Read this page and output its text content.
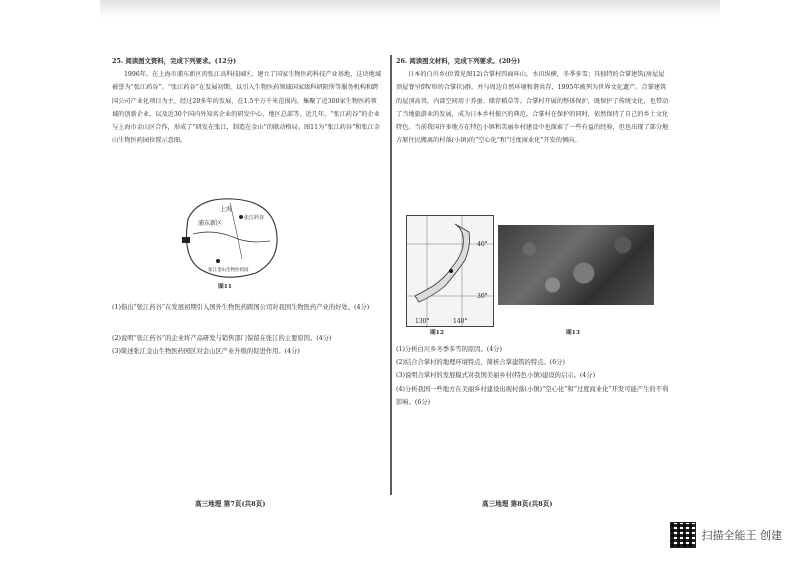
25. 阅读图文资料，完成下列要求。(12分)

1996年，在上海市浦东新区的张江高科技园区，建立了国家生物医药科技产业基地，这块地域被誉为“张江药谷”。“张江药谷”在发展初期，以引入生物医药领域国家级科研院所等服务机构和跨国公司产业化项目为主，经过20多年的发展，在1.5平方千米范围内，集聚了近300家生物医药领域的创新企业，以及近30个国内外知名企业的研发中心、地区总部等。近几年，“张江药谷”的企业与上海市金山区合作，形成了“研发在张江，制造在金山”的联动格局。图11为“张江药谷”和张江金山生物医药园位置示意图。

上海
浦东新区
张江药谷
张江金山生物医药园
图11

(1)指出“张江药谷”在发展初期引入国外生物医药跨国公司对我国生物医药产业的好处。(4分)

(2)说明“张江药谷”的企业将产品研发与销售部门保留在张江的主要原因。(4分)

(3)简述张江金山生物医药园区对金山区产业升级的促进作用。(4分)

高三地理 第7页(共8页)
26. 阅读图文材料，完成下列要求。(20分)

日本的白川乡(位置见图12)合掌村四面环山，水田纵横，冬季多雪；具独特的合掌建筑(房屋屋顶屋脊呈倒V形的合掌状)群，并与周边自然环境和谐共存，1995年被列为世界文化遗产。合掌建筑的屋顶高耸，内部空间用于养蚕、储存稻草等。合掌村开展的整体保护，既保护了传统文化，也带动了当地旅游业的发展，成为日本乡村振兴的典范。合掌村在保护的同时，依然保持了自己的乡土文化特色。当前我国许多地方在特色小镇和美丽乡村建设中也探索了一些有益的经验，但也出现了部分地方原住民搬离的村落(小镇)的“空心化”和“过度商业化”开发的倾向。

40°
30°
130°	140°
图12	图13

(1)分析白川乡冬季多雪的原因。(4分)

(2)结合合掌村的地理环境特点，简析合掌建筑的特点。(6分)

(3)说明合掌村的发展模式对我国美丽乡村(特色小镇)建设的启示。(4分)

(4)分析我国一些地方在美丽乡村建设出现村落(小镇)“空心化”和“过度商业化”开发可能产生的不利影响。(6分)

高三地理 第8页(共8页)
扫描全能王 创建
